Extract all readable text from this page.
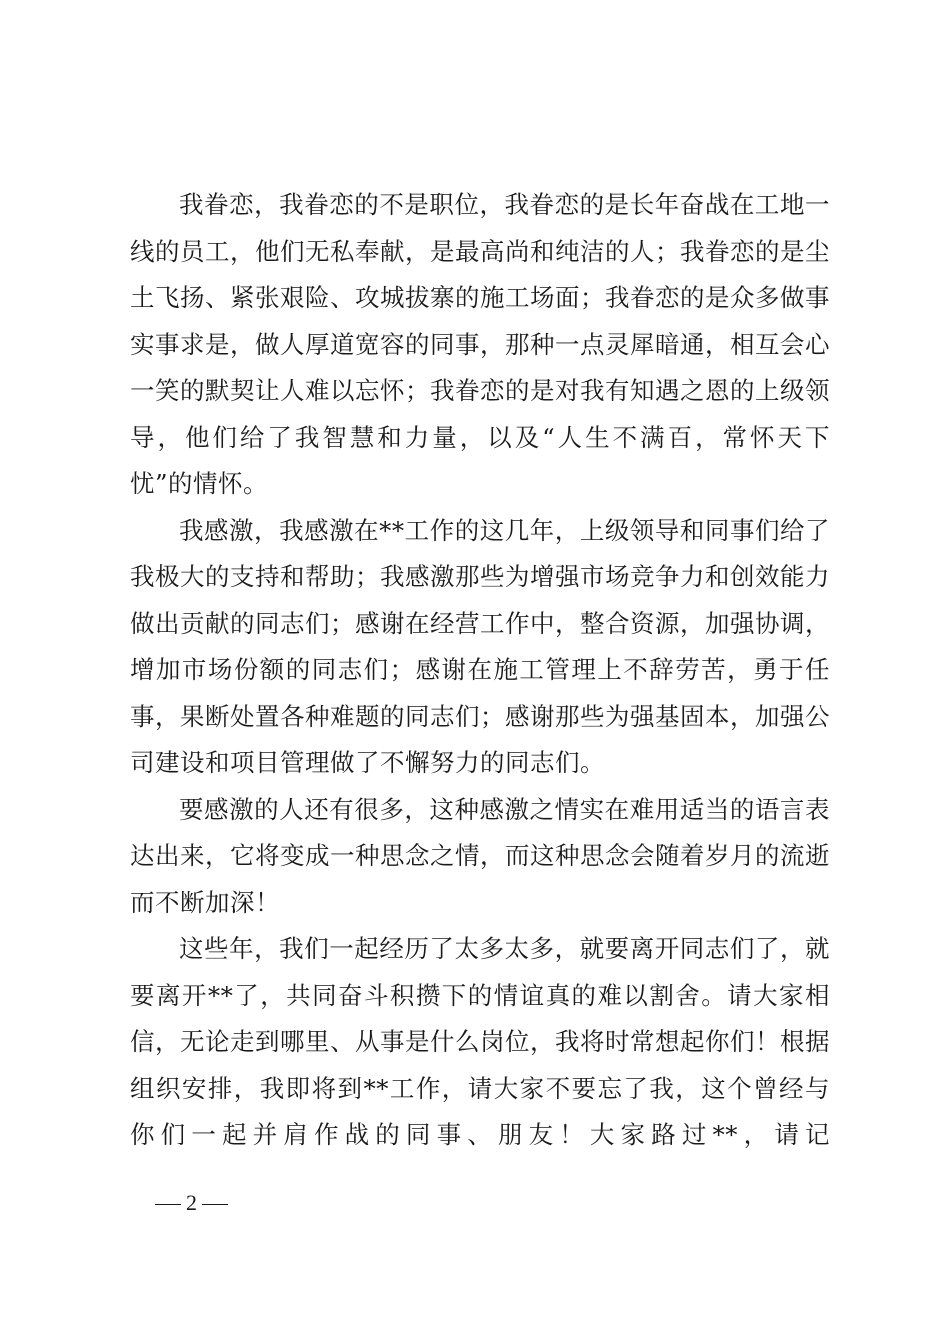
我眷恋，我眷恋的不是职位，我眷恋的是长年奋战在工地一线的员工，他们无私奉献，是最高尚和纯洁的人；我眷恋的是尘土飞扬、紧张艰险、攻城拔寨的施工场面；我眷恋的是众多做事实事求是，做人厚道宽容的同事，那种一点灵犀暗通，相互会心一笑的默契让人难以忘怀；我眷恋的是对我有知遇之恩的上级领导，他们给了我智慧和力量，以及“人生不满百，常怀天下忧”的情怀。

我感激，我感激在**工作的这几年，上级领导和同事们给了我极大的支持和帮助；我感激那些为增强市场竞争力和创效能力做出贡献的同志们；感谢在经营工作中，整合资源，加强协调，增加市场份额的同志们；感谢在施工管理上不辞劳苦，勇于任事，果断处置各种难题的同志们；感谢那些为强基固本，加强公司建设和项目管理做了不懈努力的同志们。

要感激的人还有很多，这种感激之情实在难用适当的语言表达出来，它将变成一种思念之情，而这种思念会随着岁月的流逝而不断加深！

这些年，我们一起经历了太多太多，就要离开同志们了，就要离开**了，共同奋斗积攒下的情谊真的难以割舍。请大家相信，无论走到哪里、从事是什么岗位，我将时常想起你们！根据组织安排，我即将到**工作，请大家不要忘了我，这个曾经与你们一起并肩作战的同事、朋友！大家路过**，请记

2
